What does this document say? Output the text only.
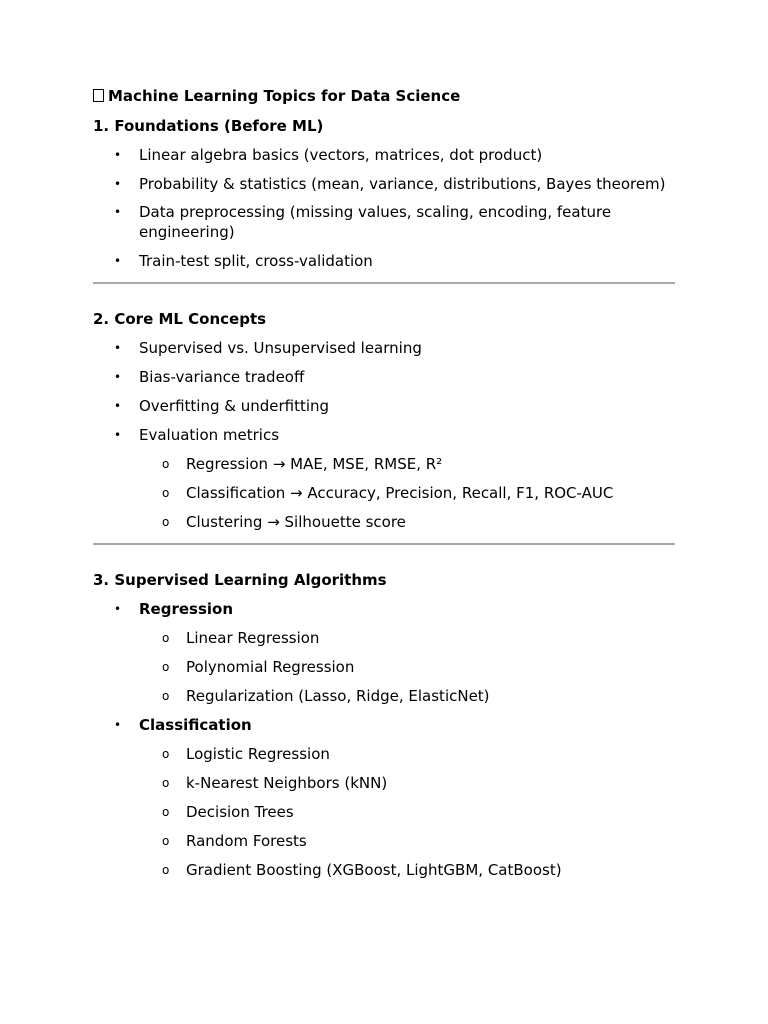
Machine Learning Topics for Data Science

1. Foundations (Before ML)

• Linear algebra basics (vectors, matrices, dot product)
• Probability & statistics (mean, variance, distributions, Bayes theorem)
• Data preprocessing (missing values, scaling, encoding, feature engineering)
• Train-test split, cross-validation

2. Core ML Concepts

• Supervised vs. Unsupervised learning
• Bias-variance tradeoff
• Overfitting & underfitting
• Evaluation metrics
o Regression → MAE, MSE, RMSE, R²
o Classification → Accuracy, Precision, Recall, F1, ROC-AUC
o Clustering → Silhouette score

3. Supervised Learning Algorithms

• Regression
o Linear Regression
o Polynomial Regression
o Regularization (Lasso, Ridge, ElasticNet)
• Classification
o Logistic Regression
o k-Nearest Neighbors (kNN)
o Decision Trees
o Random Forests
o Gradient Boosting (XGBoost, LightGBM, CatBoost)
